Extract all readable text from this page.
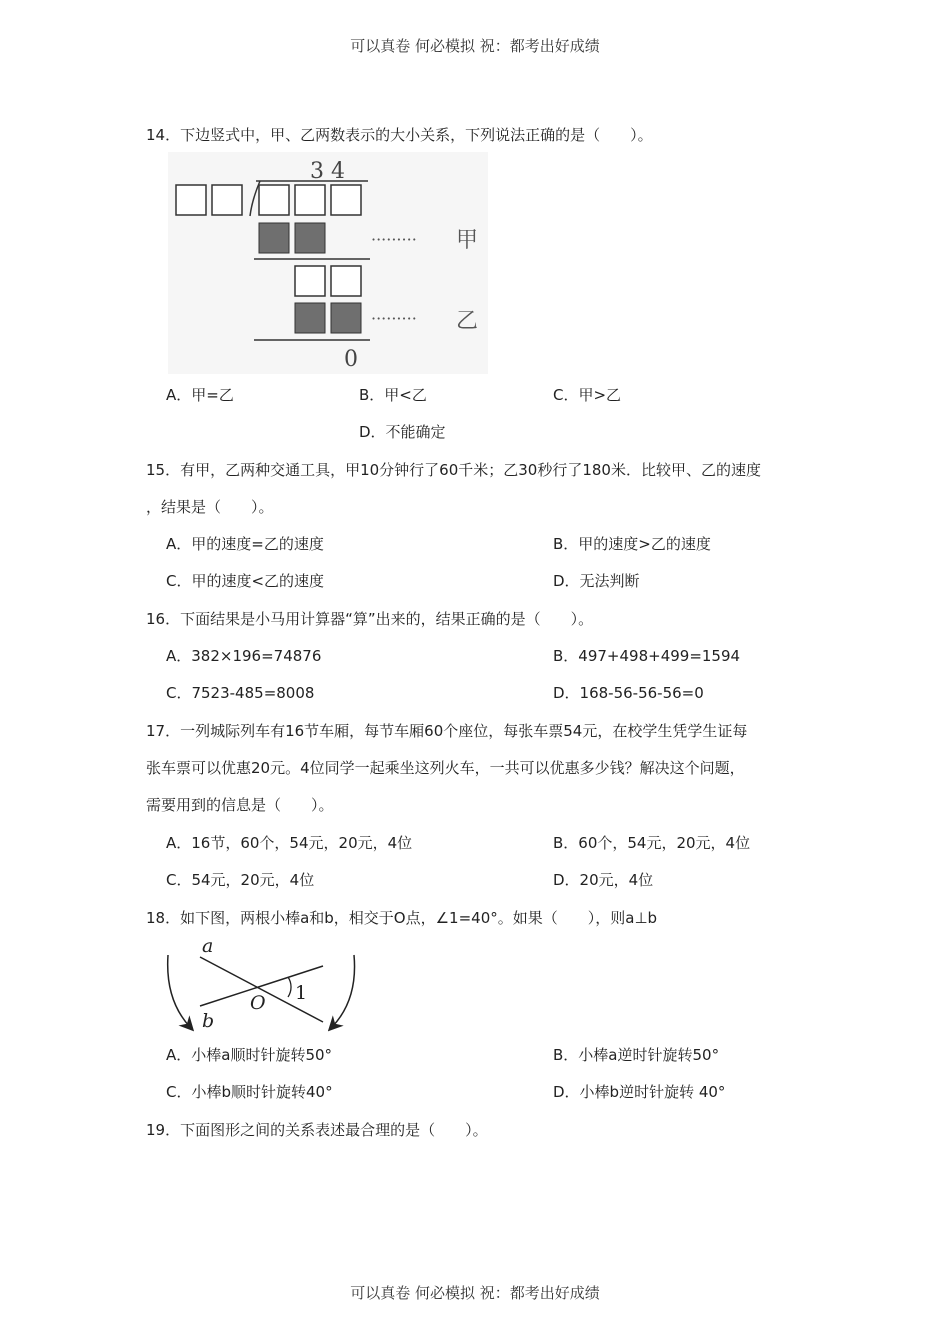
可以真卷 何必模拟 祝：都考出好成绩
14．下边竖式中，甲、乙两数表示的大小关系，下列说法正确的是（　　）。
3 4
········· 甲
········· 乙
0
A．甲=乙	B．甲<乙	C．甲>乙
D．不能确定
15．有甲，乙两种交通工具，甲10分钟行了60千米；乙30秒行了180米．比较甲、乙的速度
，结果是（　　）。
A．甲的速度=乙的速度	B．甲的速度>乙的速度
C．甲的速度<乙的速度	D．无法判断
16．下面结果是小马用计算器“算”出来的，结果正确的是（　　）。
A．382×196=74876	B．497+498+499=1594
C．7523-485=8008	D．168-56-56-56=0
17．一列城际列车有16节车厢，每节车厢60个座位，每张车票54元，在校学生凭学生证每
张车票可以优惠20元。4位同学一起乘坐这列火车，一共可以优惠多少钱？解决这个问题，
需要用到的信息是（　　）。
A．16节，60个，54元，20元，4位	B．60个，54元，20元，4位
C．54元，20元，4位	D．20元，4位
18．如下图，两根小棒a和b，相交于O点，∠1=40°。如果（　　），则a⊥b
a
b
O 1
A．小棒a顺时针旋转50°	B．小棒a逆时针旋转50°
C．小棒b顺时针旋转40°	D．小棒b逆时针旋转 40°
19．下面图形之间的关系表述最合理的是（　　）。
可以真卷 何必模拟 祝：都考出好成绩
